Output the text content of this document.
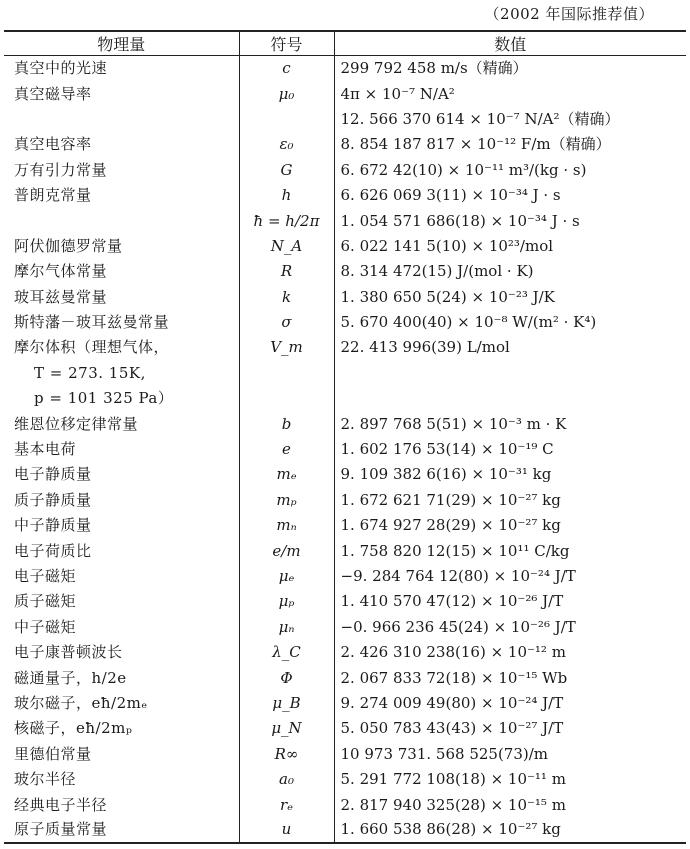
（2002 年国际推荐值）
物理量	符号	数值
真空中的光速	c	299 792 458 m/s（精确）
真空磁导率	μ₀	4π × 10⁻⁷ N/A²
		12. 566 370 614 × 10⁻⁷ N/A²（精确）
真空电容率	ε₀	8. 854 187 817 × 10⁻¹² F/m（精确）
万有引力常量	G	6. 672 42(10) × 10⁻¹¹ m³/(kg · s)
普朗克常量	h	6. 626 069 3(11) × 10⁻³⁴ J · s
	ħ = h/2π	1. 054 571 686(18) × 10⁻³⁴ J · s
阿伏伽德罗常量	N_A	6. 022 141 5(10) × 10²³/mol
摩尔气体常量	R	8. 314 472(15) J/(mol · K)
玻耳兹曼常量	k	1. 380 650 5(24) × 10⁻²³ J/K
斯特藩－玻耳兹曼常量	σ	5. 670 400(40) × 10⁻⁸ W/(m² · K⁴)
摩尔体积（理想气体，	V_m	22. 413 996(39) L/mol
T = 273. 15K,		
p = 101 325 Pa）		
维恩位移定律常量	b	2. 897 768 5(51) × 10⁻³ m · K
基本电荷	e	1. 602 176 53(14) × 10⁻¹⁹ C
电子静质量	mₑ	9. 109 382 6(16) × 10⁻³¹ kg
质子静质量	mₚ	1. 672 621 71(29) × 10⁻²⁷ kg
中子静质量	mₙ	1. 674 927 28(29) × 10⁻²⁷ kg
电子荷质比	e/m	1. 758 820 12(15) × 10¹¹ C/kg
电子磁矩	μₑ	−9. 284 764 12(80) × 10⁻²⁴ J/T
质子磁矩	μₚ	1. 410 570 47(12) × 10⁻²⁶ J/T
中子磁矩	μₙ	−0. 966 236 45(24) × 10⁻²⁶ J/T
电子康普顿波长	λ_C	2. 426 310 238(16) × 10⁻¹² m
磁通量子，h/2e	Φ	2. 067 833 72(18) × 10⁻¹⁵ Wb
玻尔磁子，eħ/2mₑ	μ_B	9. 274 009 49(80) × 10⁻²⁴ J/T
核磁子，eħ/2mₚ	μ_N	5. 050 783 43(43) × 10⁻²⁷ J/T
里德伯常量	R∞	10 973 731. 568 525(73)/m
玻尔半径	a₀	5. 291 772 108(18) × 10⁻¹¹ m
经典电子半径	rₑ	2. 817 940 325(28) × 10⁻¹⁵ m
原子质量常量	u	1. 660 538 86(28) × 10⁻²⁷ kg
